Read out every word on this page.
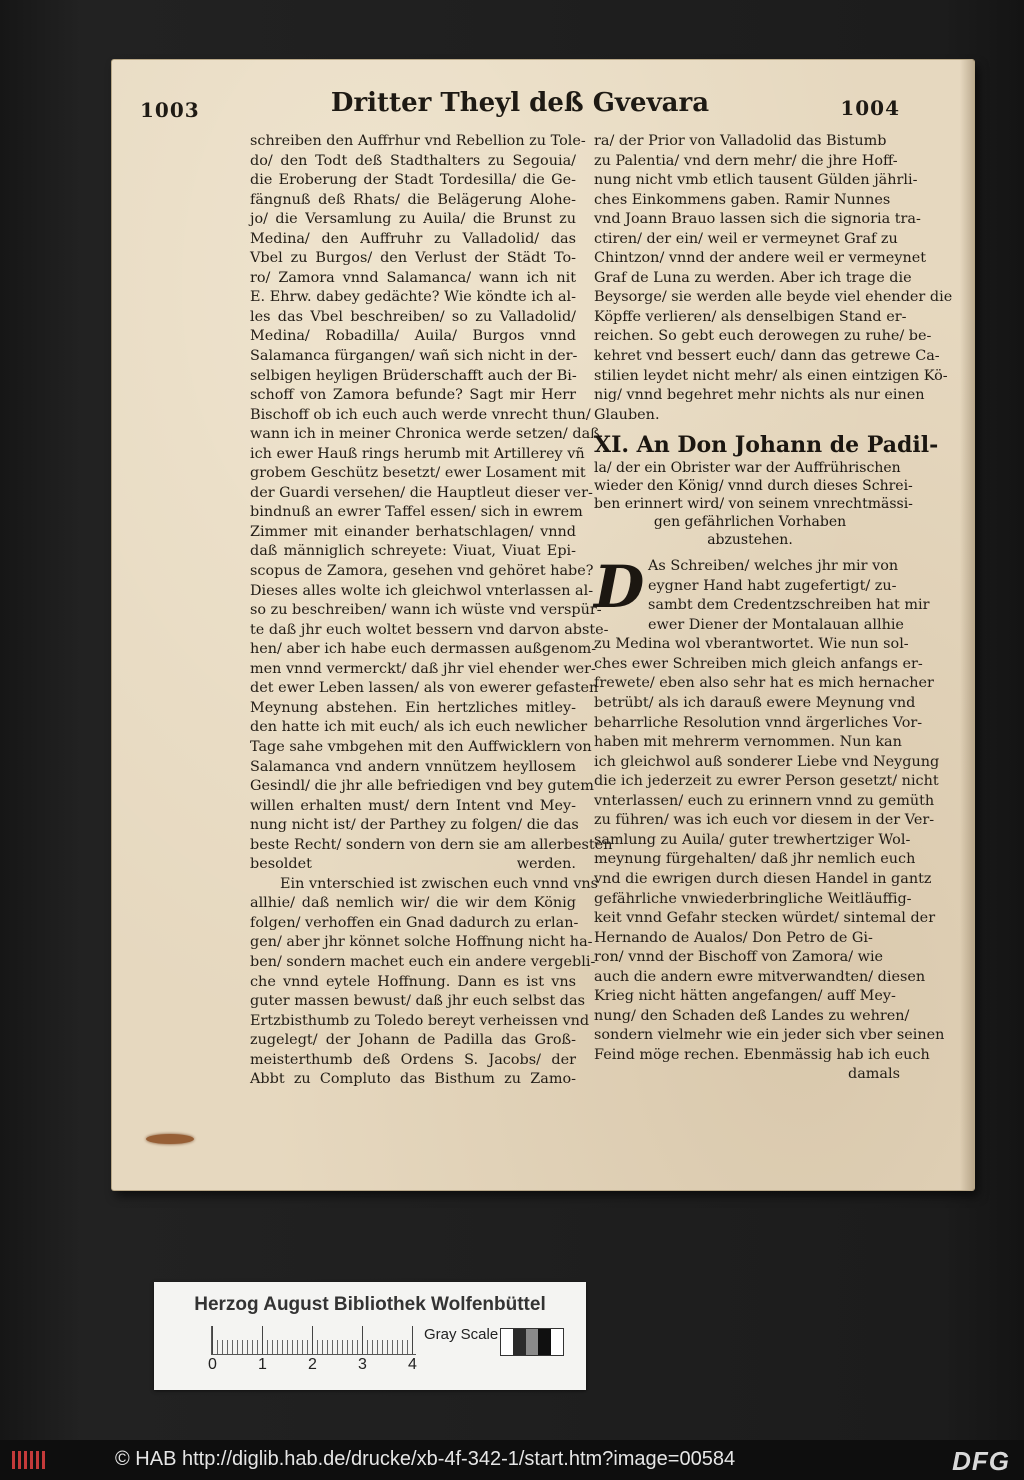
1003	Dritter Theyl deß Gvevara	1004
schreiben den Auffrhur vnd Rebellion zu Tole-
do/ den Todt deß Stadthalters zu Segouia/
die Eroberung der Stadt Tordesilla/ die Ge-
fängnuß deß Rhats/ die Belägerung Alohe-
jo/ die Versamlung zu Auila/ die Brunst zu
Medina/ den Auffruhr zu Valladolid/ das
Vbel zu Burgos/ den Verlust der Städt To-
ro/ Zamora vnnd Salamanca/ wann ich nit
E. Ehrw. dabey gedächte? Wie köndte ich al-
les das Vbel beschreiben/ so zu Valladolid/
Medina/ Robadilla/ Auila/ Burgos vnnd
Salamanca fürgangen/ wañ sich nicht in der-
selbigen heyligen Brüderschafft auch der Bi-
schoff von Zamora befunde? Sagt mir Herr
Bischoff ob ich euch auch werde vnrecht thun/
wann ich in meiner Chronica werde setzen/ daß
ich ewer Hauß rings herumb mit Artillerey vñ
grobem Geschütz besetzt/ ewer Losament mit
der Guardi versehen/ die Hauptleut dieser ver-
bindnuß an ewrer Taffel essen/ sich in ewrem
Zimmer mit einander berhatschlagen/ vnnd
daß männiglich schreyete: Viuat, Viuat Epi-
scopus de Zamora, gesehen vnd gehöret habe?
Dieses alles wolte ich gleichwol vnterlassen al-
so zu beschreiben/ wann ich wüste vnd verspür-
te daß jhr euch woltet bessern vnd darvon abste-
hen/ aber ich habe euch dermassen außgenom-
men vnnd vermerckt/ daß jhr viel ehender wer-
det ewer Leben lassen/ als von ewerer gefasten
Meynung abstehen. Ein hertzliches mitley-
den hatte ich mit euch/ als ich euch newlicher
Tage sahe vmbgehen mit den Auffwicklern von
Salamanca vnd andern vnnützem heyllosem
Gesindl/ die jhr alle befriedigen vnd bey gutem
willen erhalten must/ dern Intent vnd Mey-
nung nicht ist/ der Parthey zu folgen/ die das
beste Recht/ sondern von dern sie am allerbesten
besoldet werden.
Ein vnterschied ist zwischen euch vnnd vns
allhie/ daß nemlich wir/ die wir dem König
folgen/ verhoffen ein Gnad dadurch zu erlan-
gen/ aber jhr könnet solche Hoffnung nicht ha-
ben/ sondern machet euch ein andere vergebli-
che vnnd eytele Hoffnung. Dann es ist vns
guter massen bewust/ daß jhr euch selbst das
Ertzbisthumb zu Toledo bereyt verheissen vnd
zugelegt/ der Johann de Padilla das Groß-
meisterthumb deß Ordens S. Jacobs/ der
Abbt zu Compluto das Bisthum zu Zamo-
ra/ der Prior von Valladolid das Bistumb
zu Palentia/ vnd dern mehr/ die jhre Hoff-
nung nicht vmb etlich tausent Gülden jährli-
ches Einkommens gaben. Ramir Nunnes
vnd Joann Brauo lassen sich die signoria tra-
ctiren/ der ein/ weil er vermeynet Graf zu
Chintzon/ vnnd der andere weil er vermeynet
Graf de Luna zu werden. Aber ich trage die
Beysorge/ sie werden alle beyde viel ehender die
Köpffe verlieren/ als denselbigen Stand er-
reichen. So gebt euch derowegen zu ruhe/ be-
kehret vnd bessert euch/ dann das getrewe Ca-
stilien leydet nicht mehr/ als einen eintzigen Kö-
nig/ vnnd begehret mehr nichts als nur einen
Glauben.
XI. An Don Johann de Padil-
la/ der ein Obrister war der Auffrührischen
wieder den König/ vnnd durch dieses Schrei-
ben erinnert wird/ von seinem vnrechtmässi-
gen gefährlichen Vorhaben
abzustehen.
D As Schreiben/ welches jhr mir von
eygner Hand habt zugefertigt/ zu-
sambt dem Credentzschreiben hat mir
ewer Diener der Montalauan allhie
zu Medina wol vberantwortet. Wie nun sol-
ches ewer Schreiben mich gleich anfangs er-
frewete/ eben also sehr hat es mich hernacher
betrübt/ als ich darauß ewere Meynung vnd
beharrliche Resolution vnnd ärgerliches Vor-
haben mit mehrerm vernommen. Nun kan
ich gleichwol auß sonderer Liebe vnd Neygung
die ich jederzeit zu ewrer Person gesetzt/ nicht
vnterlassen/ euch zu erinnern vnnd zu gemüth
zu führen/ was ich euch vor diesem in der Ver-
samlung zu Auila/ guter trewhertziger Wol-
meynung fürgehalten/ daß jhr nemlich euch
vnd die ewrigen durch diesen Handel in gantz
gefährliche vnwiederbringliche Weitläuffig-
keit vnnd Gefahr stecken würdet/ sintemal der
Hernando de Aualos/ Don Petro de Gi-
ron/ vnnd der Bischoff von Zamora/ wie
auch die andern ewre mitverwandten/ diesen
Krieg nicht hätten angefangen/ auff Mey-
nung/ den Schaden deß Landes zu wehren/
sondern vielmehr wie ein jeder sich vber seinen
Feind möge rechen. Ebenmässig hab ich euch
damals
Herzog August Bibliothek Wolfenbüttel
0	1	2	3	4
Gray Scale
© HAB http://diglib.hab.de/drucke/xb-4f-342-1/start.htm?image=00584	DFG
